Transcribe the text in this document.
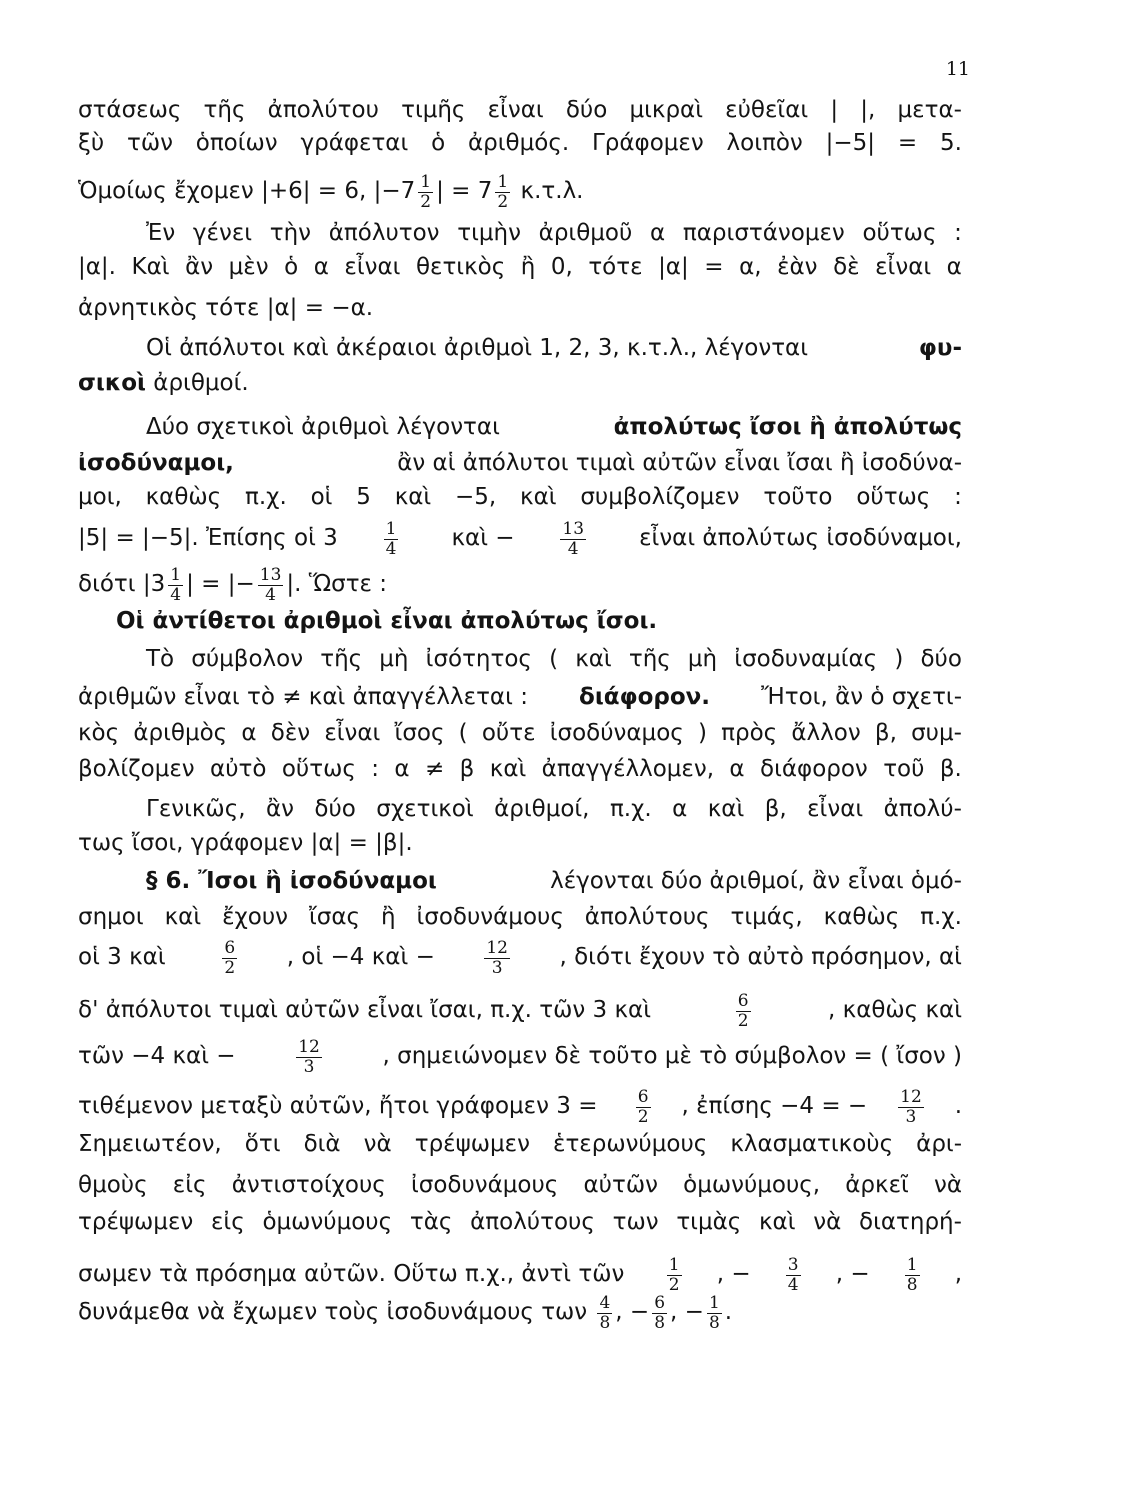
11
στάσεως τῆς ἀπολύτου τιμῆς εἶναι δύο μικραὶ εὐθεῖαι | |, μετα-
ξὺ τῶν ὁποίων γράφεται ὁ ἀριθμός. Γράφομεν λοιπὸν |−5| = 5.
Ὁμοίως ἔχομεν |+6| = 6, $|-7 \frac{1}{2}$ | = $7 \frac{1}{2} \kappa.\tau.\lambda$.
Ἐν γένει τὴν ἀπόλυτον τιμὴν ἀριθμοῦ α παριστάνομεν οὕτως :
|α|. Καὶ ἂν μὲν ὁ α εἶναι θετικὸς ἢ 0, τότε |α| = α, ἐὰν δὲ εἶναι α
ἀρνητικὸς τότε |α| = −α.
Οἱ ἀπόλυτοι καὶ ἀκέραιοι ἀριθμοὶ 1, 2, 3, κ.τ.λ., λέγονται	φυ-
σικοὶ ἀριθμοί.
Δύο σχετικοὶ ἀριθμοὶ λέγονται	ἀπολύτως ἴσοι ἢ ἀπολύτως
ἰσοδύναμοι,	ἂν αἱ ἀπόλυτοι τιμαὶ αὐτῶν εἶναι ἴσαι ἢ ἰσοδύνα-
μοι, καθὼς π.χ. οἱ 5 καὶ −5, καὶ συμβολίζομεν τοῦτο οὕτως :
|5| = |−5|. Ἐπίσης οἱ 3	$\frac{1}{4}$ καὶ −	$\frac{13}{4}$ εἶναι ἀπολύτως ἰσοδύναμοι,
διότι $|3 \frac{1}{4}$ | = |− $\frac{13}{4}$ |. Ὥστε :
Οἱ ἀντίθετοι ἀριθμοὶ εἶναι ἀπολύτως ἴσοι.
Τὸ σύμβολον τῆς μὴ ἰσότητος ( καὶ τῆς μὴ ἰσοδυναμίας ) δύο
ἀριθμῶν εἶναι τὸ ≠ καὶ ἀπαγγέλλεται : διάφορον. Ἤτοι, ἂν ὁ σχετι-
κὸς ἀριθμὸς α δὲν εἶναι ἴσος ( οὔτε ἰσοδύναμος ) πρὸς ἄλλον β, συμ-
βολίζομεν αὐτὸ οὕτως : α ≠ β καὶ ἀπαγγέλλομεν, α διάφορον τοῦ β.
Γενικῶς, ἂν δύο σχετικοὶ ἀριθμοί, π.χ. α καὶ β, εἶναι ἀπολύ-
τως ἴσοι, γράφομεν |α| = |β|.
§ 6. Ἴσοι ἢ ἰσοδύναμοι	λέγονται δύο ἀριθμοί, ἂν εἶναι ὁμό-
σημοι καὶ ἔχουν ἴσας ἢ ἰσοδυνάμους ἀπολύτους τιμάς, καθὼς π.χ.
οἱ 3 καὶ	$\frac{6}{2}$ , οἱ −4 καὶ −	$\frac{12}{3}$ , διότι ἔχουν τὸ αὐτὸ πρόσημον, αἱ
δ' ἀπόλυτοι τιμαὶ αὐτῶν εἶναι ἴσαι, π.χ. τῶν 3 καὶ	$\frac{6}{2}$	, καθὼς καὶ
τῶν −4 καὶ −	$\frac{12}{3}$	, σημειώνομεν δὲ τοῦτο μὲ τὸ σύμβολον = ( ἴσον )
τιθέμενον μεταξὺ αὐτῶν, ἤτοι γράφομεν $3 = \frac{6}{2}$ , ἐπίσης −4 = − $\frac{12}{3}$ .
Σημειωτέον, ὅτι διὰ νὰ τρέψωμεν ἑτερωνύμους κλασματικοὺς ἀρι-
θμοὺς εἰς ἀντιστοίχους ἰσοδυνάμους αὐτῶν ὁμωνύμους, ἀρκεῖ νὰ
τρέψωμεν εἰς ὁμωνύμους τὰς ἀπολύτους των τιμὰς καὶ νὰ διατηρή-
σωμεν τὰ πρόσημα αὐτῶν. Οὕτω π.χ., ἀντὶ τῶν $\frac{1}{2}$ , − $\frac{3}{4}$ , − $\frac{1}{8}$ ,
δυνάμεθα νὰ ἔχωμεν τοὺς ἰσοδυνάμους των $\frac{4}{8}$ , − $\frac{6}{8}$ , − $\frac{1}{8}$ .
